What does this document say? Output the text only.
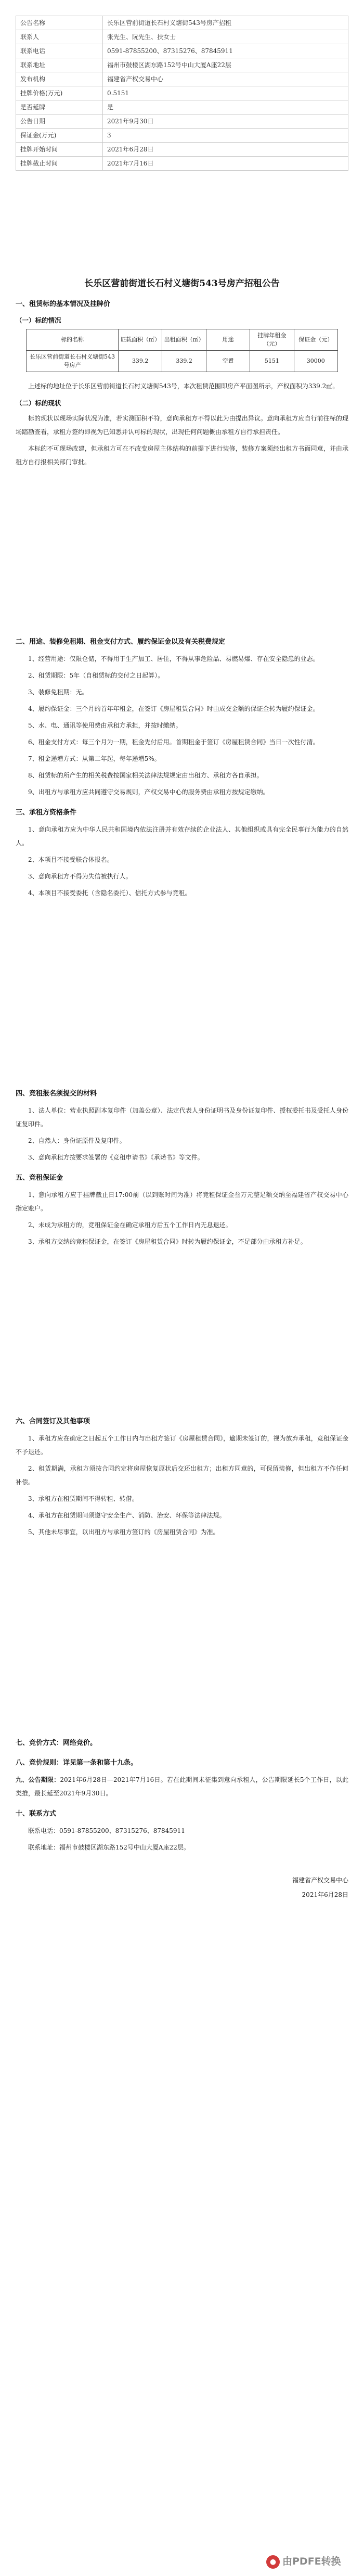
公告名称	长乐区营前街道长石村义塘街543号房产招租
联系人	张先生、阮先生、扶女士
联系电话	0591-87855200、87315276、87845911
联系地址	福州市鼓楼区湖东路152号中山大厦A座22层
发布机构	福建省产权交易中心
挂牌价格(万元)	0.5151
是否延牌	是
公告日期	2021年9月30日
保证金(万元)	3
挂牌开始时间	2021年6月28日
挂牌截止时间	2021年7月16日
长乐区营前街道长石村义塘街543号房产招租公告
一、租赁标的基本情况及挂牌价
（一）标的情况
标的名称	证载面积（㎡）	出租面积（㎡）	用途	挂牌年租金（元）	保证金（元）
长乐区营前街道长石村义塘街543号房产	339.2	339.2	空置	5151	30000
上述标的地址位于长乐区营前街道长石村义塘街543号，本次租赁范围即房产平面图所示，产权面积为339.2㎡。
（二）标的现状
标的现状以现场实际状况为准，若实测面积不符，意向承租方不得以此为由提出异议。意向承租方应自行前往标的现场踏勘查看，承租方签约即视为已知悉并认可标的现状，出现任何问题概由承租方自行承担责任。
本标的不可现场改建，但承租方可在不改变房屋主体结构的前提下进行装修，装修方案须经出租方书面同意，并由承租方自行报相关部门审批。
二、用途、装修免租期、租金支付方式、履约保证金以及有关税费规定
1、经营用途：仅限仓储，不得用于生产加工、居住，不得从事危险品、易燃易爆、存在安全隐患的业态。
2、租赁期限：5年（自租赁标的交付之日起算）。
3、装修免租期：无。
4、履约保证金：三个月的首年年租金，在签订《房屋租赁合同》时由成交金额的保证金转为履约保证金。
5、水、电、通讯等使用费由承租方承担，并按时缴纳。
6、租金支付方式：每三个月为一期，租金先付后用。首期租金于签订《房屋租赁合同》当日一次性付清。
7、租金递增方式：从第二年起，每年递增5%。
8、租赁标的所产生的相关税费按国家相关法律法规规定由出租方、承租方各自承担。
9、出租方与承租方应共同遵守交易规则，产权交易中心的服务费由承租方按规定缴纳。
三、承租方资格条件
1、意向承租方应为中华人民共和国境内依法注册并有效存续的企业法人、其他组织或具有完全民事行为能力的自然人。
2、本项目不接受联合体报名。
3、意向承租方不得为失信被执行人。
4、本项目不接受委托（含隐名委托）、信托方式参与竞租。
四、竞租报名须提交的材料
1、法人单位：营业执照副本复印件（加盖公章）、法定代表人身份证明书及身份证复印件、授权委托书及受托人身份证复印件。
2、自然人：身份证原件及复印件。
3、意向承租方按要求签署的《竞租申请书》《承诺书》等文件。
五、竞租保证金
1、意向承租方应于挂牌截止日17:00前（以到账时间为准）将竞租保证金叁万元整足额交纳至福建省产权交易中心指定账户。
2、未成为承租方的，竞租保证金在确定承租方后五个工作日内无息退还。
3、承租方交纳的竞租保证金，在签订《房屋租赁合同》时转为履约保证金，不足部分由承租方补足。
六、合同签订及其他事项
1、承租方应在确定之日起五个工作日内与出租方签订《房屋租赁合同》，逾期未签订的，视为放弃承租，竞租保证金不予退还。
2、租赁期满，承租方须按合同约定将房屋恢复原状后交还出租方；出租方同意的，可保留装修，但出租方不作任何补偿。
3、承租方在租赁期间不得转租、转借。
4、承租方在租赁期间须遵守安全生产、消防、治安、环保等法律法规。
5、其他未尽事宜，以出租方与承租方签订的《房屋租赁合同》为准。
七、竞价方式：网络竞价。
八、竞价规则：详见第一条和第十九条。
九、公告期限：2021年6月28日—2021年7月16日。若在此期间未征集到意向承租人，公告期限延长5个工作日，以此类推，最长延至2021年9月30日。
十、联系方式
联系电话：0591-87855200、87315276、87845911
联系地址：福州市鼓楼区湖东路152号中山大厦A座22层。
福建省产权交易中心
2021年6月28日
● 由PDFE转换
